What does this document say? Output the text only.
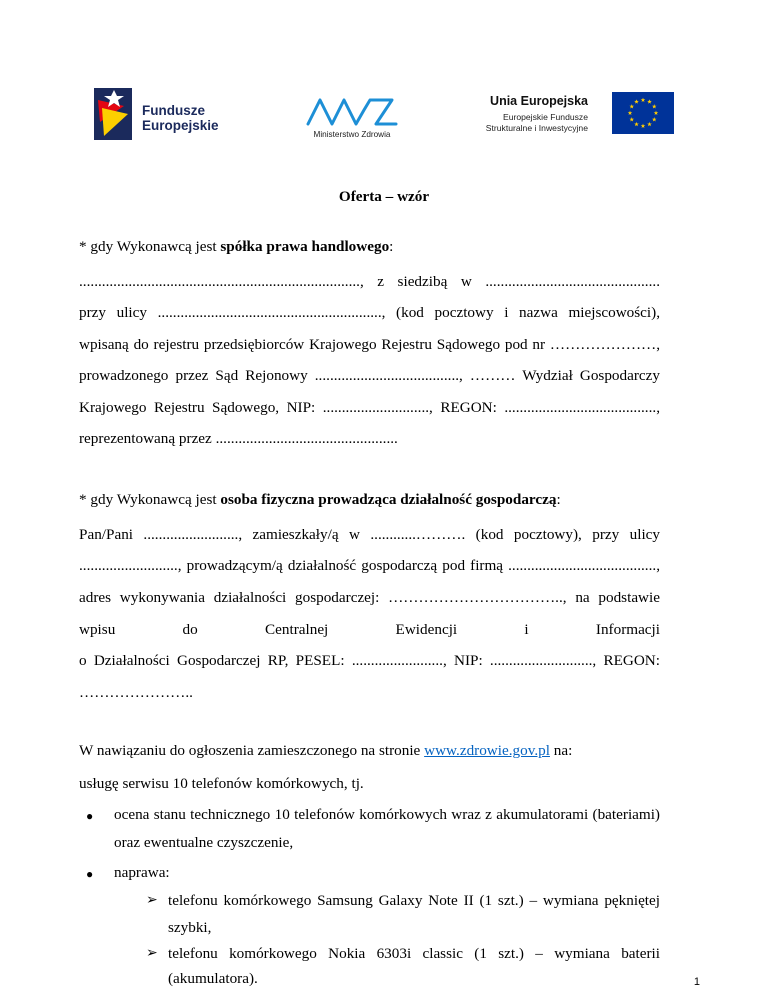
Fundusze
Europejskie
Ministerstwo Zdrowia
Unia Europejska
Europejskie Fundusze
Strukturalne i Inwestycyjne
Oferta – wzór
* gdy Wykonawcą jest spółka prawa handlowego:
.........................................................................., z siedzibą w ..............................................
przy ulicy ..........................................................., (kod pocztowy i nazwa miejscowości),
wpisaną do rejestru przedsiębiorców Krajowego Rejestru Sądowego pod nr …………………,
prowadzonego przez Sąd Rejonowy ......................................, ……… Wydział Gospodarczy
Krajowego Rejestru Sądowego, NIP: ............................, REGON: ........................................,
reprezentowaną przez ................................................
* gdy Wykonawcą jest osoba fizyczna prowadząca działalność gospodarczą:
Pan/Pani ........................., zamieszkały/ą w ............………. (kod pocztowy), przy ulicy
.........................., prowadzącym/ą działalność gospodarczą pod firmą .......................................,
adres wykonywania działalności gospodarczej: …………………………….., na podstawie
wpisu do Centralnej Ewidencji i Informacji
o Działalności Gospodarczej RP, PESEL: ........................, NIP: ..........................., REGON:
…………………..
W nawiązaniu do ogłoszenia zamieszczonego na stronie www.zdrowie.gov.pl na:
usługę serwisu 10 telefonów komórkowych, tj.
● ocena stanu technicznego 10 telefonów komórkowych wraz z akumulatorami (bateriami)
oraz ewentualne czyszczenie,
● naprawa:
➢ telefonu komórkowego Samsung Galaxy Note II (1 szt.) – wymiana pękniętej
szybki,
➢ telefonu komórkowego Nokia 6303i classic (1 szt.) – wymiana baterii
(akumulatora).	1
